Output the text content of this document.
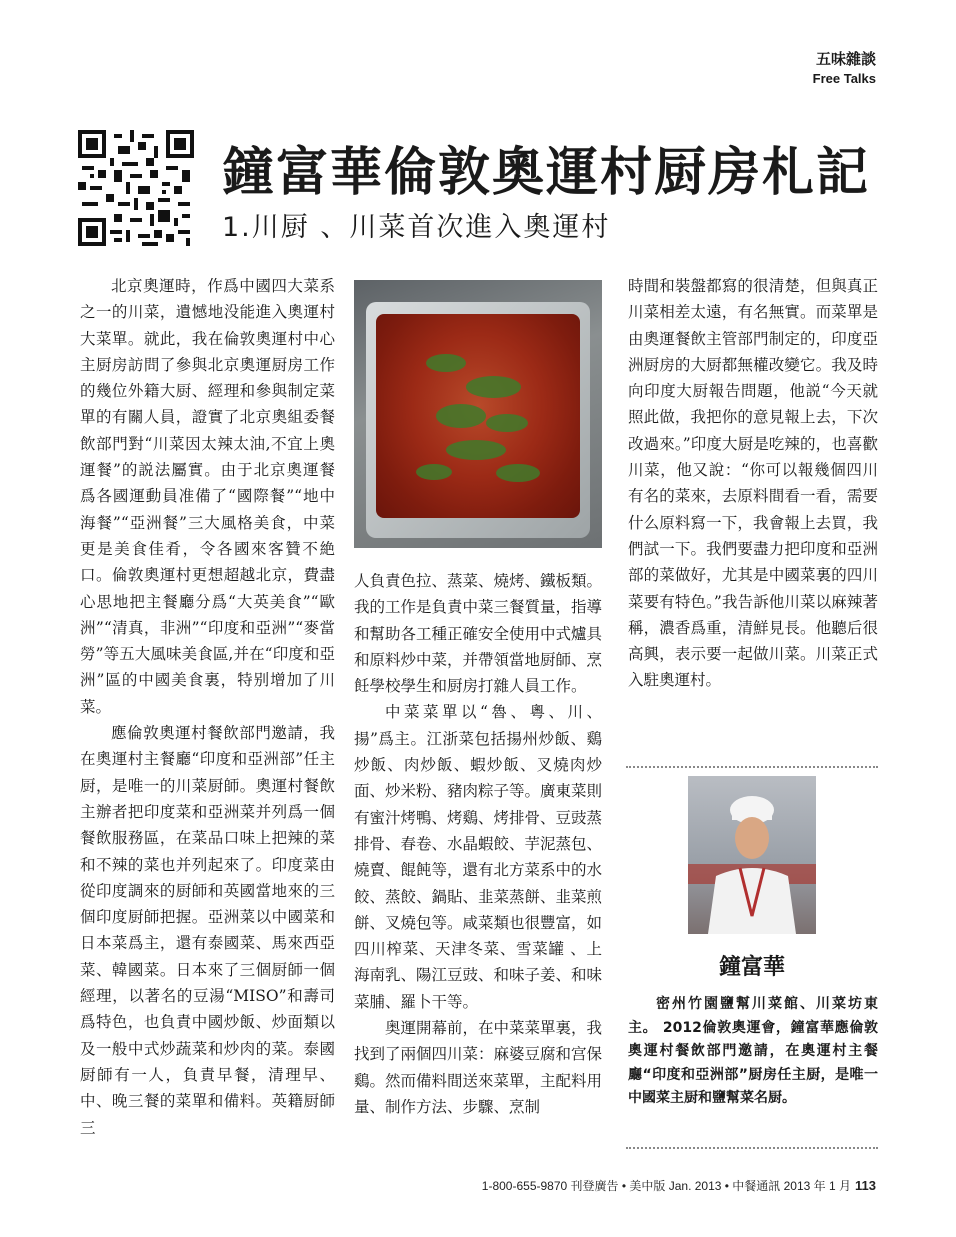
五味雜談
Free Talks
鐘富華倫敦奧運村厨房札記
1.川厨 、川菜首次進入奧運村

北京奧運時，作爲中國四大菜系之一的川菜，遺憾地没能進入奧運村大菜單。就此，我在倫敦奧運村中心主厨房訪問了參與北京奧運厨房工作的幾位外籍大厨、經理和參與制定菜單的有關人員，證實了北京奧組委餐飲部門對“川菜因太辣太油,不宜上奧運餐”的説法屬實。由于北京奧運餐爲各國運動員准備了“國際餐”“地中海餐”“亞洲餐”三大風格美食，中菜更是美食佳肴，令各國來客贊不絶口。倫敦奧運村更想超越北京，費盡心思地把主餐廳分爲“大英美食”“歐洲”“清真，非洲”“印度和亞洲”“麥當勞”等五大風味美食區,并在“印度和亞洲”區的中國美食裏，特别增加了川菜。

應倫敦奧運村餐飲部門邀請，我在奧運村主餐廳“印度和亞洲部”任主厨，是唯一的川菜厨師。奧運村餐飲主辦者把印度菜和亞洲菜并列爲一個餐飲服務區，在菜品口味上把辣的菜和不辣的菜也并列起來了。印度菜由從印度調來的厨師和英國當地來的三個印度厨師把握。亞洲菜以中國菜和日本菜爲主，還有泰國菜、馬來西亞菜、韓國菜。日本來了三個厨師一個經理，以著名的豆湯“MISO”和壽司爲特色，也負責中國炒飯、炒面類以及一般中式炒蔬菜和炒肉的菜。泰國厨師有一人，負責早餐，清理早、中、晚三餐的菜單和備料。英籍厨師三

人負責色拉、蒸菜、燒烤、鐵板類。我的工作是負責中菜三餐質量，指導和幫助各工種正確安全使用中式爐具和原料炒中菜，并帶領當地厨師、烹飪學校學生和厨房打雜人員工作。

中菜菜單以“魯、粵、川、揚”爲主。江浙菜包括揚州炒飯、鷄炒飯、肉炒飯、蝦炒飯、叉燒肉炒面、炒米粉、豬肉粽子等。廣東菜則有蜜汁烤鴨、烤鷄、烤排骨、豆豉蒸排骨、春卷、水晶蝦餃、芋泥蒸包、燒賣、餛飩等，還有北方菜系中的水餃、蒸餃、鍋貼、韭菜蒸餅、韭菜煎餅、叉燒包等。咸菜類也很豐富，如四川榨菜、天津冬菜、雪菜罐 、上海南乳、陽江豆豉、和味子姜、和味菜脯、羅卜干等。

奥運開幕前，在中菜菜單裏，我找到了兩個四川菜：麻婆豆腐和宫保鷄。然而備料間送來菜單，主配料用量、制作方法、步驟、烹制

時間和裝盤都寫的很清楚，但與真正川菜相差太遠，有名無實。而菜單是由奧運餐飲主管部門制定的，印度亞洲厨房的大厨都無權改變它。我及時向印度大厨報告問題，他説“今天就照此做，我把你的意見報上去，下次改過來。”印度大厨是吃辣的，也喜歡川菜，他又說：“你可以報幾個四川有名的菜來，去原料間看一看，需要什么原料寫一下，我會報上去買，我們試一下。我們要盡力把印度和亞洲部的菜做好，尤其是中國菜裏的四川菜要有特色。”我告訴他川菜以麻辣著稱，濃香爲重，清鮮見長。他聽后很高興，表示要一起做川菜。川菜正式入駐奧運村。

鐘富華
密州竹園鹽幫川菜館、川菜坊東主。 2012倫敦奧運會，鐘富華應倫敦奧運村餐飲部門邀請，在奧運村主餐廳“印度和亞洲部”厨房任主厨，是唯一中國菜主厨和鹽幫菜名厨。
1-800-655-9870 刊登廣告 • 美中版 Jan. 2013 • 中餐通訊 2013 年 1 月 113
